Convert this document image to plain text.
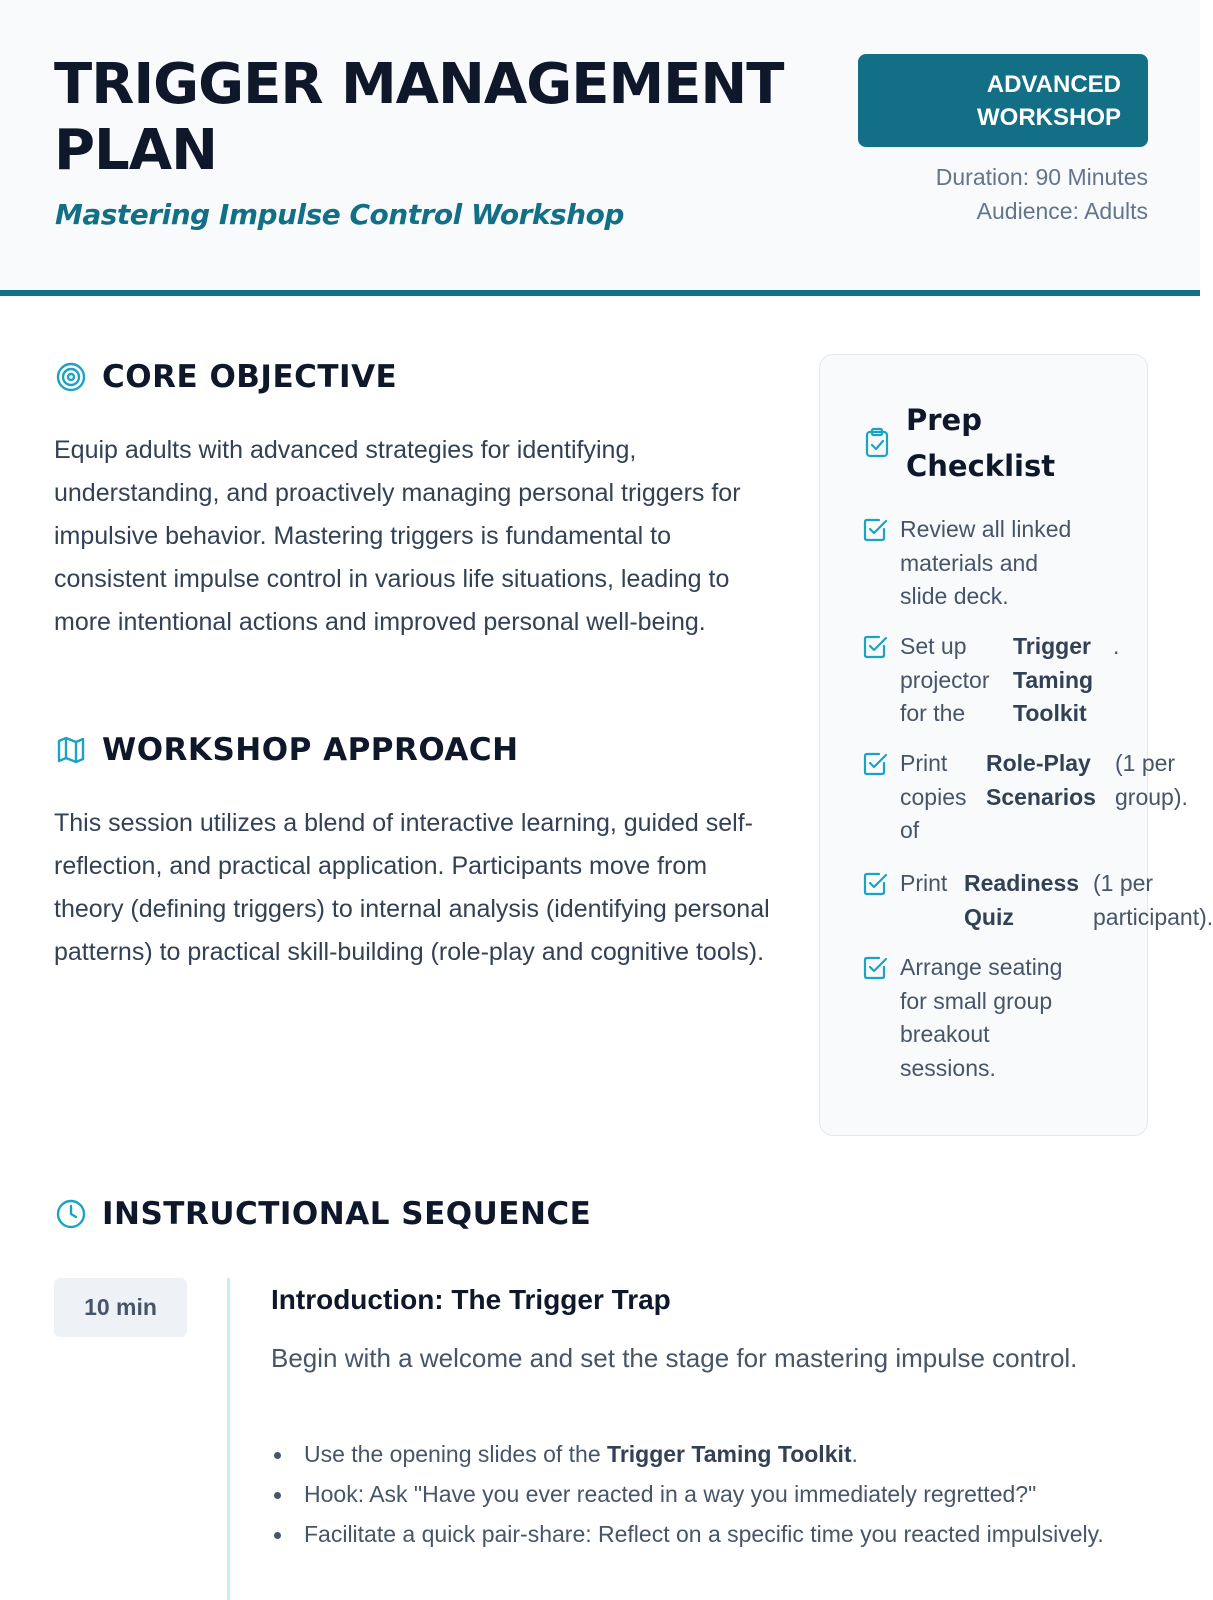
TRIGGER MANAGEMENT PLAN
Mastering Impulse Control Workshop
ADVANCED WORKSHOP
Duration: 90 Minutes
Audience: Adults
CORE OBJECTIVE
Equip adults with advanced strategies for identifying, understanding, and proactively managing personal triggers for impulsive behavior. Mastering triggers is fundamental to consistent impulse control in various life situations, leading to more intentional actions and improved personal well-being.
WORKSHOP APPROACH
This session utilizes a blend of interactive learning, guided self-reflection, and practical application. Participants move from theory (defining triggers) to internal analysis (identifying personal patterns) to practical skill-building (role-play and cognitive tools).
Prep Checklist
Review all linked materials and slide deck.
Set up projector for the
Trigger Taming Toolkit
.
Print copies of
Role-Play Scenarios
(1 per group).
Print Readiness Quiz
(1 per participant).
Arrange seating for small group breakout sessions.
INSTRUCTIONAL SEQUENCE
10 min	Introduction: The Trigger Trap
Begin with a welcome and set the stage for mastering impulse control.
Use the opening slides of the Trigger Taming Toolkit.
Hook: Ask "Have you ever reacted in a way you immediately regretted?"
Facilitate a quick pair-share: Reflect on a specific time you reacted impulsively.
